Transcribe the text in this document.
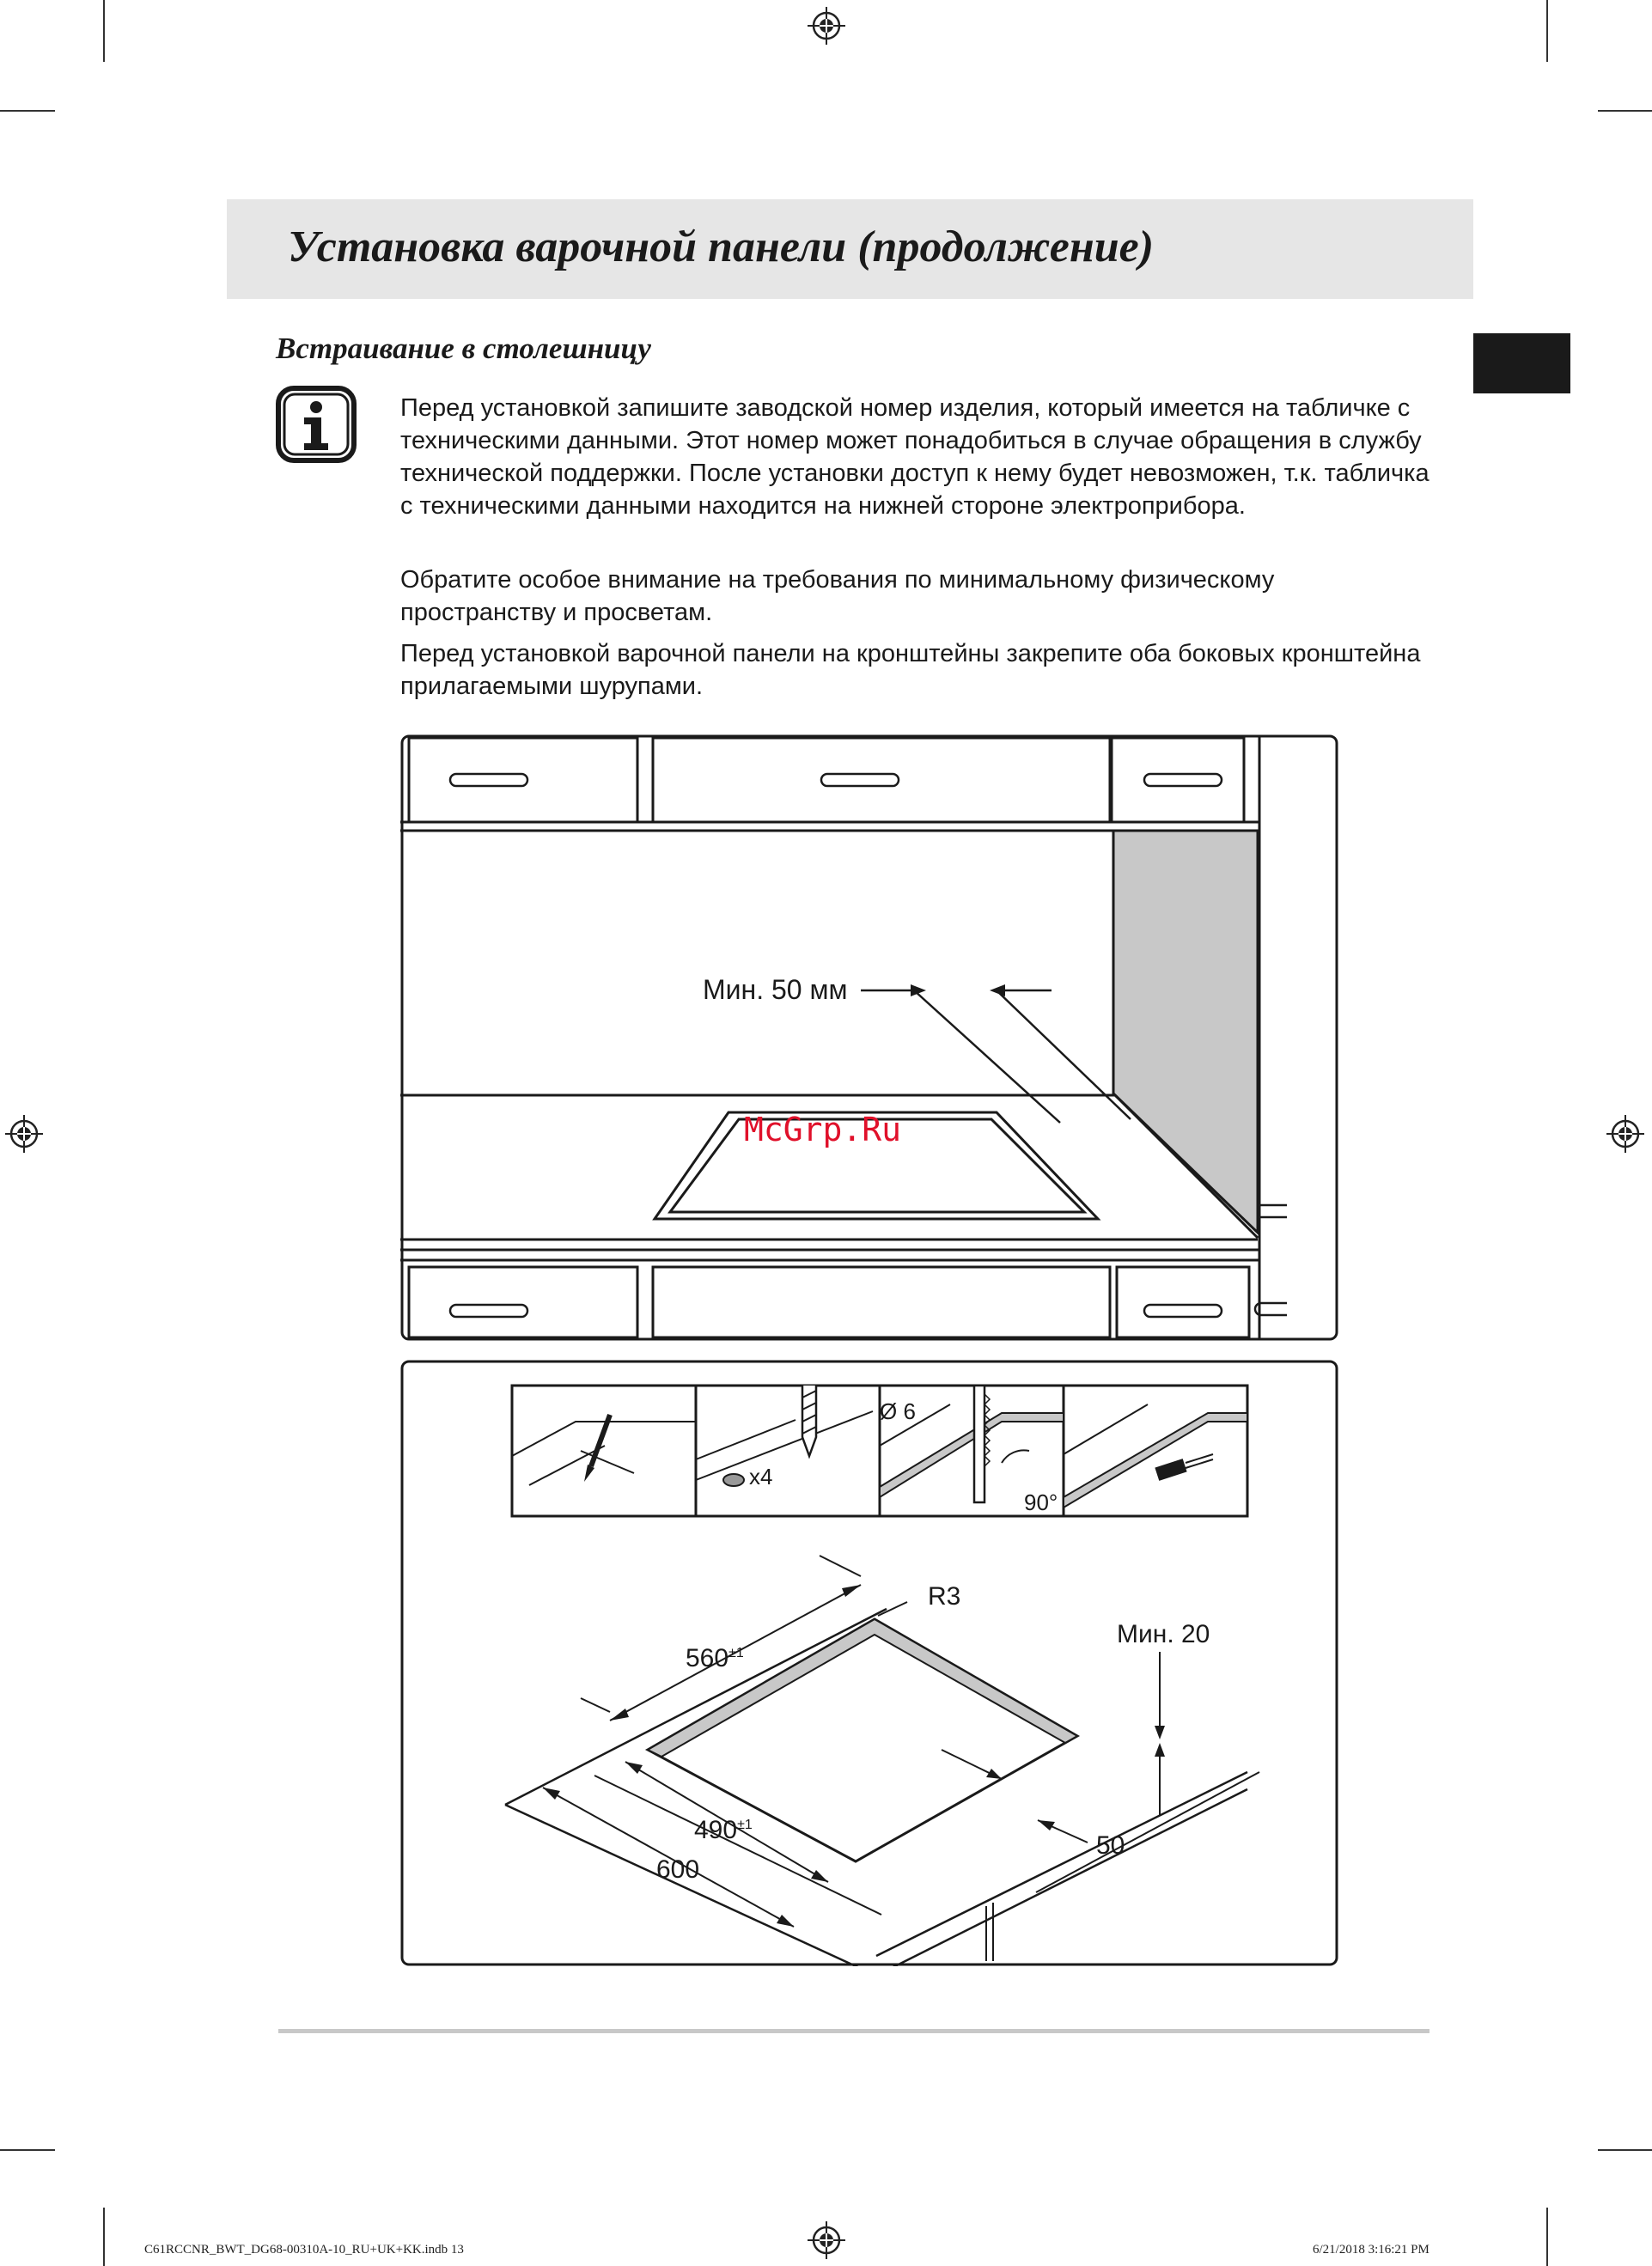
Установка варочной панели (продолжение)
Встраивание в столешницу

Перед установкой запишите заводской номер изделия, который имеется на табличке с техническими данными. Этот номер может понадобиться в случае обращения в службу технической поддержки. После установки доступ к нему будет невозможен, т.к. табличка с техническими данными находится на нижней стороне электроприбора.

Обратите особое внимание на требования по минимальному физическому пространству и просветам.

Перед установкой варочной панели на кронштейны закрепите оба боковых кронштейна прилагаемыми шурупами.

Мин. 50 мм
McGrp.Ru
Ø 6
x4
90°
R3
$560^{\pm 1}$
Мин. 20
$490^{\pm 1}$
50
600
C61RCCNR_BWT_DG68-00310A-10_RU+UK+KK.indb 13	6/21/2018 3:16:21 PM
